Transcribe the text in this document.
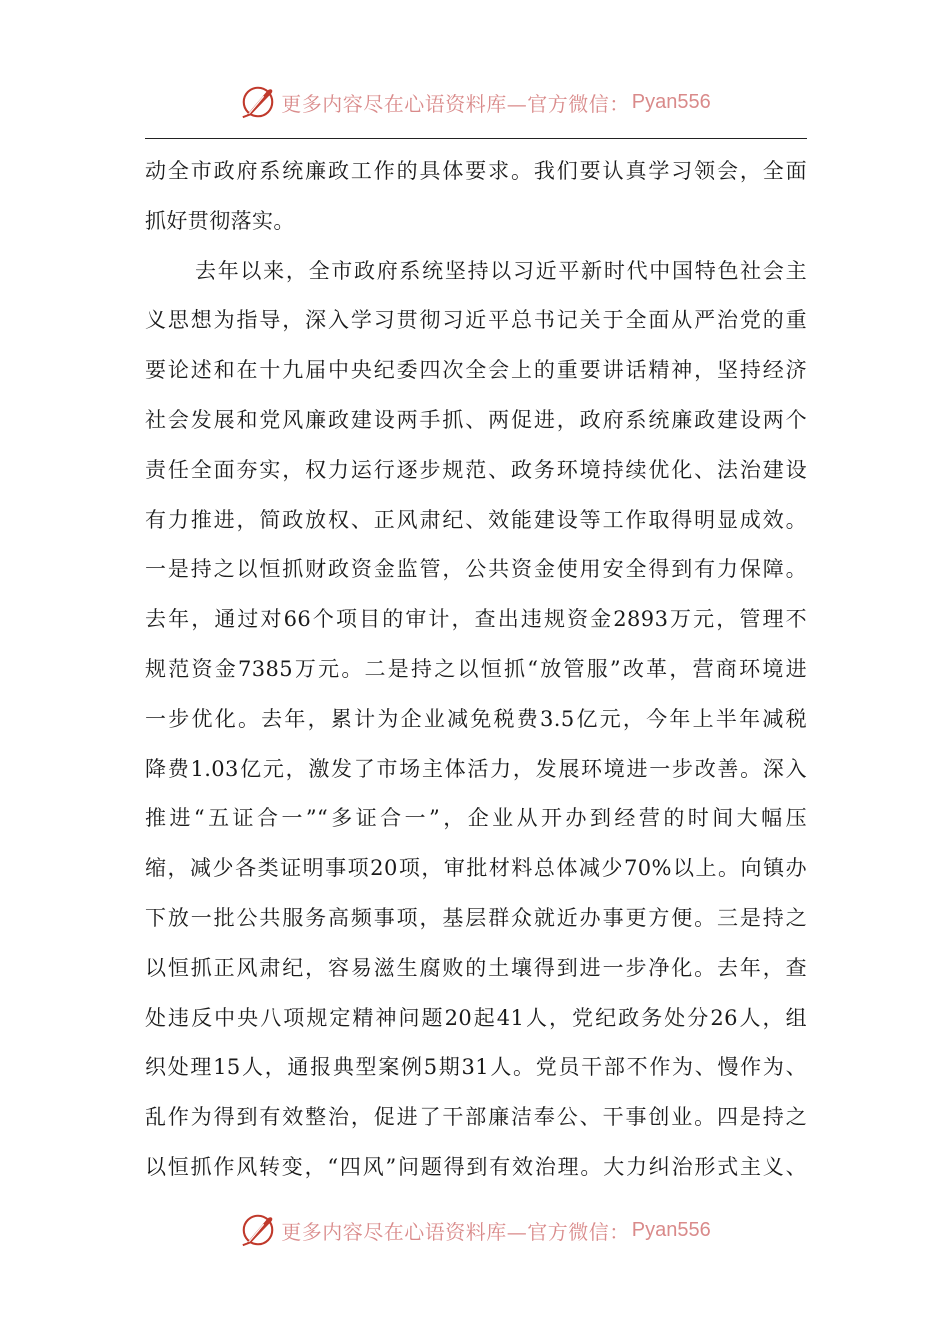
更多内容尽在心语资料库—官方微信： Pyan556
动全市政府系统廉政工作的具体要求。我们要认真学习领会，全面
抓好贯彻落实。
去年以来，全市政府系统坚持以习近平新时代中国特色社会主
义思想为指导，深入学习贯彻习近平总书记关于全面从严治党的重
要论述和在十九届中央纪委四次全会上的重要讲话精神，坚持经济
社会发展和党风廉政建设两手抓、两促进，政府系统廉政建设两个
责任全面夯实，权力运行逐步规范、政务环境持续优化、法治建设
有力推进，简政放权、正风肃纪、效能建设等工作取得明显成效。
一是持之以恒抓财政资金监管，公共资金使用安全得到有力保障。
去年，通过对66个项目的审计，查出违规资金2893万元，管理不
规范资金7385万元。二是持之以恒抓“放管服”改革，营商环境进
一步优化。去年，累计为企业减免税费3.5亿元，今年上半年减税
降费1.03亿元，激发了市场主体活力，发展环境进一步改善。深入
推进“五证合一”“多证合一”，企业从开办到经营的时间大幅压
缩，减少各类证明事项20项，审批材料总体减少70%以上。向镇办
下放一批公共服务高频事项，基层群众就近办事更方便。三是持之
以恒抓正风肃纪，容易滋生腐败的土壤得到进一步净化。去年，查
处违反中央八项规定精神问题20起41人，党纪政务处分26人，组
织处理15人，通报典型案例5期31人。党员干部不作为、慢作为、
乱作为得到有效整治，促进了干部廉洁奉公、干事创业。四是持之
以恒抓作风转变，“四风”问题得到有效治理。大力纠治形式主义、
更多内容尽在心语资料库—官方微信： Pyan556
